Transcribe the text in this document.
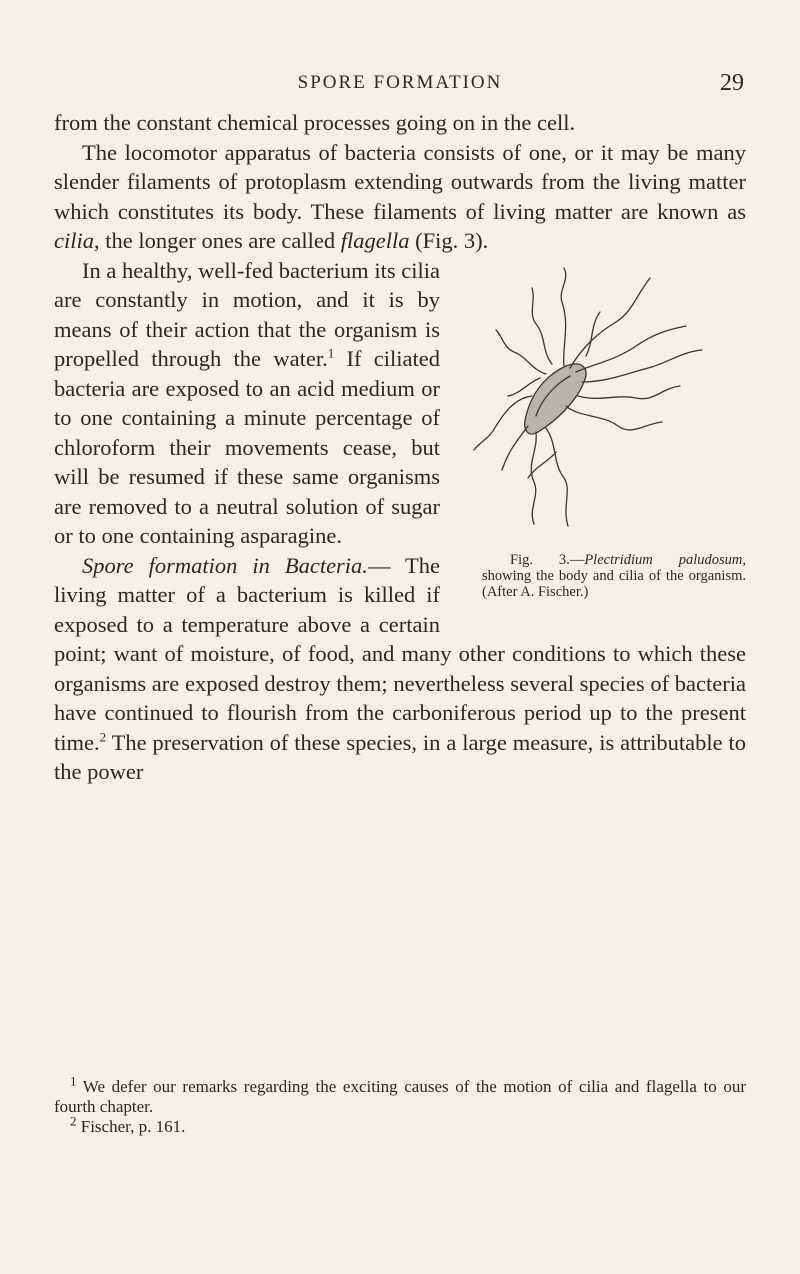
SPORE FORMATION	29

from the constant chemical processes going on in the cell.

The locomotor apparatus of bacteria consists of one, or it may be many slender filaments of protoplasm extending outwards from the living matter which constitutes its body. These filaments of living matter are known as cilia, the longer ones are called flagella (Fig. 3).

Fig. 3.—Plectridium paludosum, showing the body and cilia of the organism. (After A. Fischer.)
In a healthy, well-fed bacterium its cilia are constantly in motion, and it is by means of their action that the organism is propelled through the water.$^1$ If ciliated bacteria are exposed to an acid medium or to one containing a minute percentage of chloroform their movements cease, but will be resumed if these same organisms are removed to a neutral solution of sugar or to one containing asparagine.

Spore formation in Bacteria.— The living matter of a bacterium is killed if exposed to a temperature above a certain point; want of moisture, of food, and many other conditions to which these organisms are exposed destroy them; nevertheless several species of bacteria have continued to flourish from the carboniferous period up to the present time.$^2$ The preservation of these species, in a large measure, is attributable to the power

$^1$ We defer our remarks regarding the exciting causes of the motion of cilia and flagella to our fourth chapter.

$^2$ Fischer, p. 161.
